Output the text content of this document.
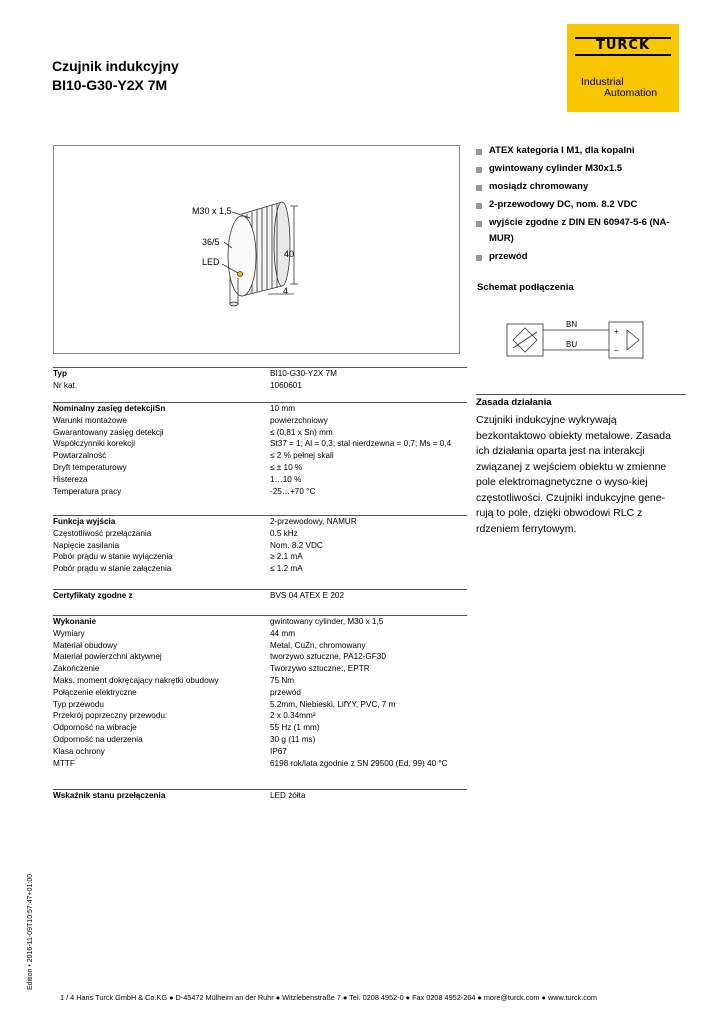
Czujnik indukcyjny
BI10-G30-Y2X 7M
TURCK
Industrial
Automation
M30 x 1,5
36/5
LED
40
4
ATEX kategoria I M1, dla kopalni
gwintowany cylinder M30x1.5
mosiądz chromowany
2-przewodowy DC, nom. 8.2 VDC
wyjście zgodne z DIN EN 60947-5-6 (NA-MUR)
przewód
Schemat podłączenia
BN
BU
+
–
Zasada działania
Czujniki indukcyjne wykrywają bezkontaktowo obiekty metalowe. Zasada ich działania oparta jest na interakcji związanej z wejściem obiektu w zmienne pole elektromagnetyczne o wyso-kiej częstotliwości. Czujniki indukcyjne gene-rują to pole, dzięki obwodowi RLC z rdzeniem ferrytowym.
Typ	BI10-G30-Y2X 7M
Nr kat.	1060601
Nominalny zasięg detekcjiSn	10 mm
Warunki montażowe	powierzchniowy
Gwarantowany zasięg detekcji	≤ (0,81 x Sn) mm
Współczynniki korekcji	St37 = 1; Al = 0,3; stal nierdzewna = 0,7; Ms = 0,4
Powtarzalność	≤ 2 % pełnej skali
Dryft temperaturowy	≤ ± 10 %
Histereza	1…10 %
Temperatura pracy	-25…+70 °C
Funkcja wyjścia	2-przewodowy, NAMUR
Częstotliwość przełączania	0.5 kHz
Napięcie zasilania	Nom. 8.2 VDC
Pobór prądu w stanie wyłączenia	≥ 2.1 mA
Pobór prądu w stanie załączenia	≤ 1.2 mA
Certyfikaty zgodne z	BVS 04 ATEX E 202
Wykonanie	gwintowany cylinder, M30 x 1,5
Wymiary	44 mm
Materiał obudowy	Metal, CuZn, chromowany
Materiał powierzchni aktywnej	tworzywo sztuczne, PA12-GF30
Zakończenie	Tworzywo sztuczne:, EPTR
Maks. moment dokręcający nakrętki obudowy	75 Nm
Połączenie elektryczne	przewód
Typ przewodu	5.2mm, Niebieski, LifYY, PVC, 7 m
Przekrój poprzeczny przewodu:	2 x 0.34mm²
Odporność na wibracje	55 Hz (1 mm)
Odporność na uderzenia	30 g (11 ms)
Klasa ochrony	IP67
MTTF	6198 rok/lata zgodnie z SN 29500 (Ed. 99) 40 °C
Wskaźnik stanu przełączenia	LED żółta
Edition • 2016-11-09T10:57:47+01:00
1 / 4 Hans Turck GmbH & Co.KG ● D-45472 Mülheim an der Ruhr ● Witzlebenstraße 7 ● Tel. 0208 4952-0 ● Fax 0208 4952-264 ● more@turck.com ● www.turck.com
